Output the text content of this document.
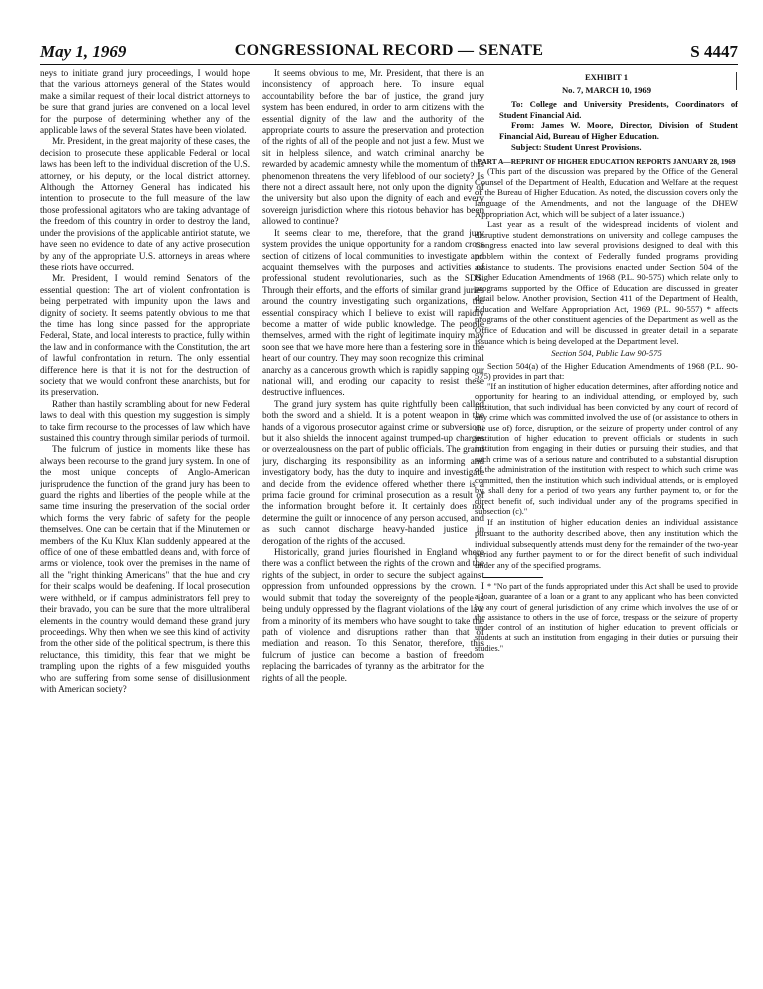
May 1, 1969	CONGRESSIONAL RECORD — SENATE	S 4447

neys to initiate grand jury proceedings, I would hope that the various attorneys general of the States would make a similar request of their local district attorneys to be sure that grand juries are convened on a local level for the purpose of determining whether any of the applicable laws of the several States have been violated.

Mr. President, in the great majority of these cases, the decision to prosecute these applicable Federal or local laws has been left to the individual discretion of the U.S. attorney, or his deputy, or the local district attorney. Although the Attorney General has indicated his intention to prosecute to the full measure of the law those professional agitators who are taking advantage of the freedom of this country in order to destroy the land, under the provisions of the applicable antiriot statute, we have seen no evidence to date of any active prosecution by any of the appropriate U.S. attorneys in areas where these riots have occurred.

Mr. President, I would remind Senators of the essential question: The art of violent confrontation is being perpetrated with impunity upon the laws and dignity of society. It seems patently obvious to me that the time has long since passed for the appropriate Federal, State, and local interests to practice, fully within the law and in conformance with the Constitution, the art of lawful confrontation in return. The only essential difference here is that it is not for the destruction of society that we would confront these anarchists, but for its preservation.

Rather than hastily scrambling about for new Federal laws to deal with this question my suggestion is simply to take firm recourse to the processes of law which have sustained this country through similar periods of turmoil.

The fulcrum of justice in moments like these has always been recourse to the grand jury system. In one of the most unique concepts of Anglo-American jurisprudence the function of the grand jury has been to guard the rights and liberties of the people while at the same time insuring the preservation of the social order which forms the very fabric of safety for the people themselves. One can be certain that if the Minutemen or members of the Ku Klux Klan suddenly appeared at the office of one of these embattled deans and, with force of arms or violence, took over the premises in the name of all the "right thinking Americans" that the hue and cry for their scalps would be deafening. If local prosecution were withheld, or if campus administrators fell prey to their bravado, you can be sure that the more ultraliberal elements in the country would demand these grand jury proceedings. Why then when we see this kind of activity from the other side of the political spectrum, is there this reluctance, this timidity, this fear that we might be trampling upon the rights of a few misguided youths who are suffering from some sense of disillusionment with American society?

It seems obvious to me, Mr. President, that there is an inconsistency of approach here. To insure equal accountability before the bar of justice, the grand jury system has been endured, in order to arm citizens with the essential dignity of the law and the authority of the appropriate courts to assure the preservation and protection of the rights of all of the people and not just a few. Must we sit in helpless silence, and watch criminal anarchy be rewarded by academic amnesty while the momentum of this phenomenon threatens the very lifeblood of our society? Is there not a direct assault here, not only upon the dignity of the university but also upon the dignity of each and every sovereign jurisdiction where this riotous behavior has been allowed to continue?

It seems clear to me, therefore, that the grand jury system provides the unique opportunity for a random cross section of citizens of local communities to investigate and acquaint themselves with the purposes and activities of professional student revolutionaries, such as the SDS. Through their efforts, and the efforts of similar grand juries around the country investigating such organizations, the essential conspiracy which I believe to exist will rapidly become a matter of wide public knowledge. The people themselves, armed with the right of legitimate inquiry may soon see that we have more here than a festering sore in the heart of our country. They may soon recognize this criminal anarchy as a cancerous growth which is rapidly sapping our national will, and eroding our capacity to resist these destructive influences.

The grand jury system has quite rightfully been called both the sword and a shield. It is a potent weapon in the hands of a vigorous prosecutor against crime or subversion; but it also shields the innocent against trumped-up charges or overzealousness on the part of public officials. The grand jury, discharging its responsibility as an informing and investigatory body, has the duty to inquire and investigate and decide from the evidence offered whether there is a prima facie ground for criminal prosecution as a result of the information brought before it. It certainly does not determine the guilt or innocence of any person accused, and as such cannot discharge heavy-handed justice in derogation of the rights of the accused.

Historically, grand juries flourished in England where there was a conflict between the rights of the crown and the rights of the subject, in order to secure the subject against oppression from unfounded oppressions by the crown. I would submit that today the sovereignty of the people is being unduly oppressed by the flagrant violations of the law from a minority of its members who have sought to take the path of violence and disruptions rather than that of mediation and reason. To this Senator, therefore, this fulcrum of justice can become a bastion of freedom replacing the barricades of tyranny as the arbitrator for the rights of all the people.

EXHIBIT 1
No. 7, MARCH 10, 1969

To: College and University Presidents, Coordinators of Student Financial Aid.

From: James W. Moore, Director, Division of Student Financial Aid, Bureau of Higher Education.

Subject: Student Unrest Provisions.

PART A—REPRINT OF HIGHER EDUCATION REPORTS JANUARY 28, 1969

(This part of the discussion was prepared by the Office of the General Counsel of the Department of Health, Education and Welfare at the request of the Bureau of Higher Education. As noted, the discussion covers only the language of the Amendments, and not the language of the DHEW Appropriation Act, which will be subject of a later issuance.)

Last year as a result of the widespread incidents of violent and disruptive student demonstrations on university and college campuses the Congress enacted into law several provisions designed to deal with this problem within the context of Federally funded programs providing assistance to students. The provisions enacted under Section 504 of the Higher Education Amendments of 1968 (P.L. 90-575) which relate only to programs supported by the Office of Education are discussed in greater detail below. Another provision, Section 411 of the Department of Health, Education and Welfare Appropriation Act, 1969 (P.L. 90-557) * affects programs of the other constituent agencies of the Department as well as the Office of Education and will be discussed in greater detail in a separate issuance which is being developed at the Department level.

Section 504, Public Law 90-575

Section 504(a) of the Higher Education Amendments of 1968 (P.L. 90-575) provides in part that:

"If an institution of higher education determines, after affording notice and opportunity for hearing to an individual attending, or employed by, such institution, that such individual has been convicted by any court of record of any crime which was committed involved the use of (or assistance to others in the use of) force, disruption, or the seizure of property under control of any institution of higher education to prevent officials or students in such institution from engaging in their duties or pursuing their studies, and that such crime was of a serious nature and contributed to a substantial disruption of the administration of the institution with respect to which such crime was committed, then the institution which such individual attends, or is employed by, shall deny for a period of two years any further payment to, or for the direct benefit of, such individual under any of the programs specified in subsection (c)."

If an institution of higher education denies an individual assistance pursuant to the authority described above, then any institution which the individual subsequently attends must deny for the remainder of the two-year period any further payment to or for the direct benefit of such individual under any of the specified programs.

* "No part of the funds appropriated under this Act shall be used to provide a loan, guarantee of a loan or a grant to any applicant who has been convicted by any court of general jurisdiction of any crime which involves the use of or the assistance to others in the use of force, trespass or the seizure of property under control of an institution of higher education to prevent officials or students at such an institution from engaging in their duties or pursuing their studies."
